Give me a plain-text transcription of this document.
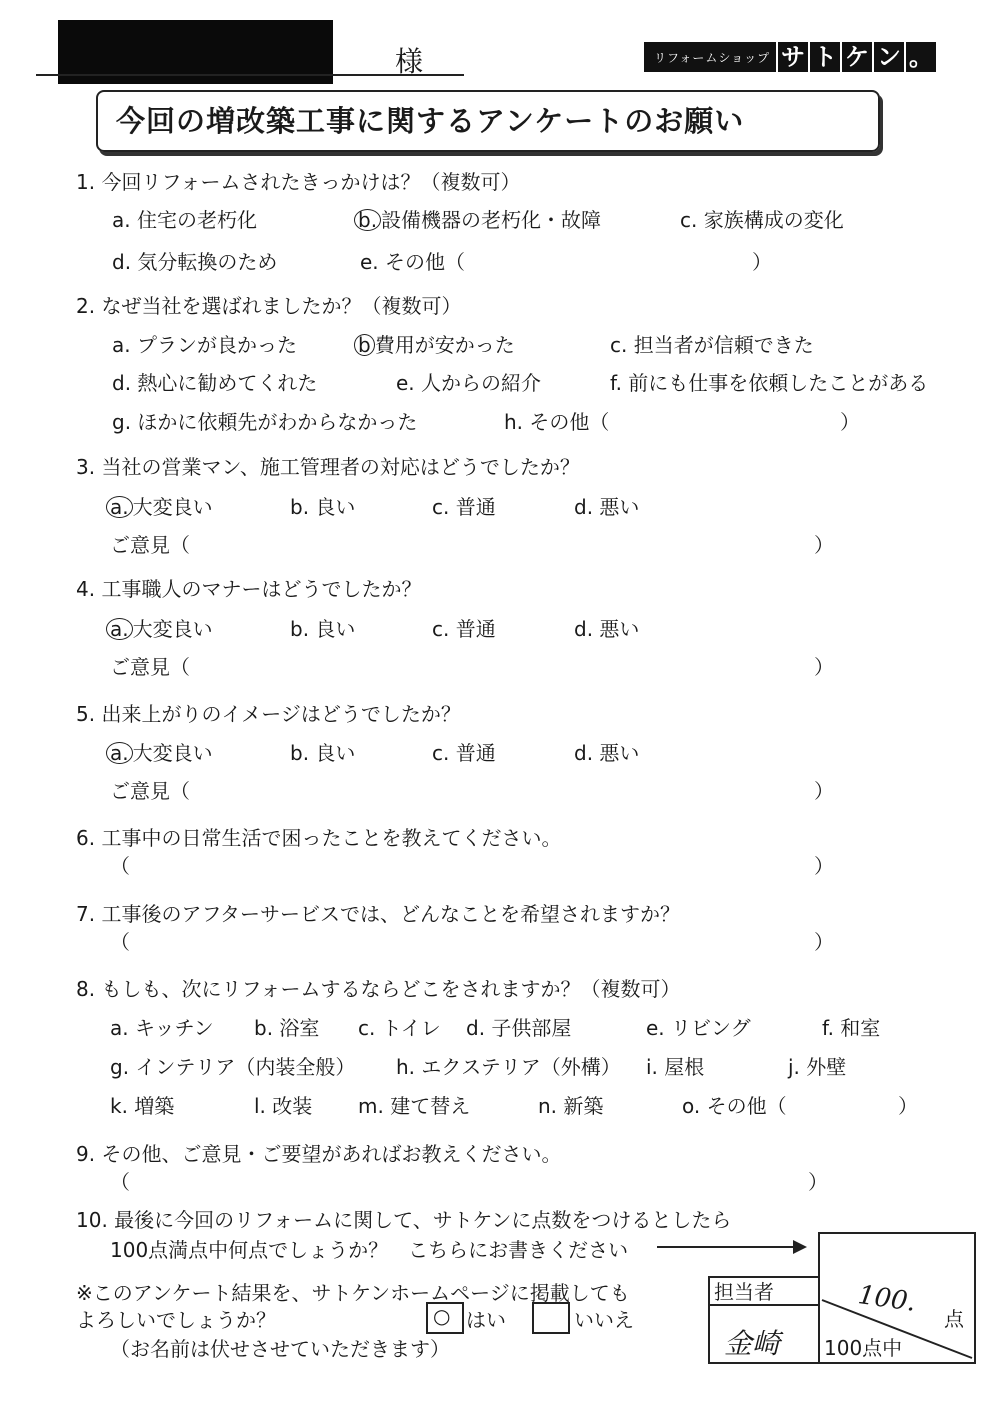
様	リフォームショップ サ ト ケ ン 。
今回の増改築工事に関するアンケートのお願い
1. 今回リフォームされたきっかけは？（複数可）
a. 住宅の老朽化	b. 設備機器の老朽化・故障	c. 家族構成の変化
d. 気分転換のため	e. その他（	）
2. なぜ当社を選ばれましたか？（複数可）
a. プランが良かった	b 費用が安かった	c. 担当者が信頼できた
d. 熱心に勧めてくれた	e. 人からの紹介	f. 前にも仕事を依頼したことがある
g. ほかに依頼先がわからなかった	h. その他（	）
3. 当社の営業マン、施工管理者の対応はどうでしたか？
a. 大変良い	b. 良い	c. 普通	d. 悪い
ご意見（	）
4. 工事職人のマナーはどうでしたか？
a. 大変良い	b. 良い	c. 普通	d. 悪い
ご意見（	）
5. 出来上がりのイメージはどうでしたか？
a. 大変良い	b. 良い	c. 普通	d. 悪い
ご意見（	）
6. 工事中の日常生活で困ったことを教えてください。
（	）
7. 工事後のアフターサービスでは、どんなことを希望されますか？
（	）
8. もしも、次にリフォームするならどこをされますか？（複数可）
a. キッチン b. 浴室 c. トイレ d. 子供部屋	e. リビング	f. 和室
g. インテリア（内装全般） h. エクステリア（外構） i. 屋根	j. 外壁
k. 増築	l. 改装 m. 建て替え	n. 新築	o. その他（	）
9. その他、ご意見・ご要望があればお教えください。
（	）
10. 最後に今回のリフォームに関して、サトケンに点数をつけるとしたら
100点満点中何点でしょうか？　こちらにお書きください
100.
点
100点中
担当者
金崎
※このアンケート結果を、サトケンホームページに掲載しても
よろしいでしょうか？	○ はい	いいえ
（お名前は伏せさせていただきます）
